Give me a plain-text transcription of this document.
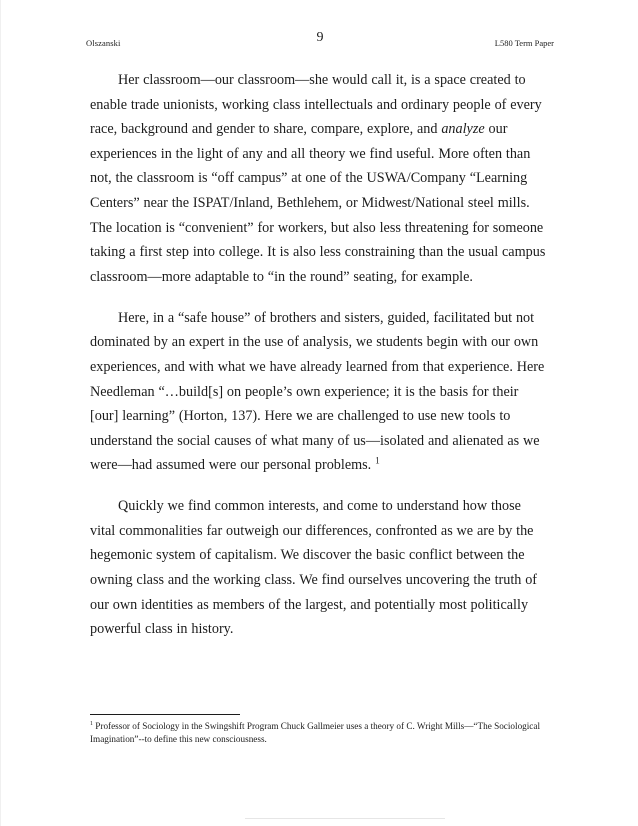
Olszanski	9	L580 Term Paper

Her classroom—our classroom—she would call it, is a space created to enable trade unionists, working class intellectuals and ordinary people of every race, background and gender to share, compare, explore, and analyze our experiences in the light of any and all theory we find useful. More often than not, the classroom is “off campus” at one of the USWA/Company “Learning Centers” near the ISPAT/Inland, Bethlehem, or Midwest/National steel mills. The location is “convenient” for workers, but also less threatening for someone taking a first step into college. It is also less constraining than the usual campus classroom—more adaptable to “in the round” seating, for example.

Here, in a “safe house” of brothers and sisters, guided, facilitated but not dominated by an expert in the use of analysis, we students begin with our own experiences, and with what we have already learned from that experience. Here Needleman “…build[s] on people’s own experience; it is the basis for their [our] learning” (Horton, 137). Here we are challenged to use new tools to understand the social causes of what many of us—isolated and alienated as we were—had assumed were our personal problems. $^1$

Quickly we find common interests, and come to understand how those vital commonalities far outweigh our differences, confronted as we are by the hegemonic system of capitalism. We discover the basic conflict between the owning class and the working class. We find ourselves uncovering the truth of our own identities as members of the largest, and potentially most politically powerful class in history.

$^1$ Professor of Sociology in the Swingshift Program Chuck Gallmeier uses a theory of C. Wright Mills—“The Sociological Imagination”--to define this new consciousness.
